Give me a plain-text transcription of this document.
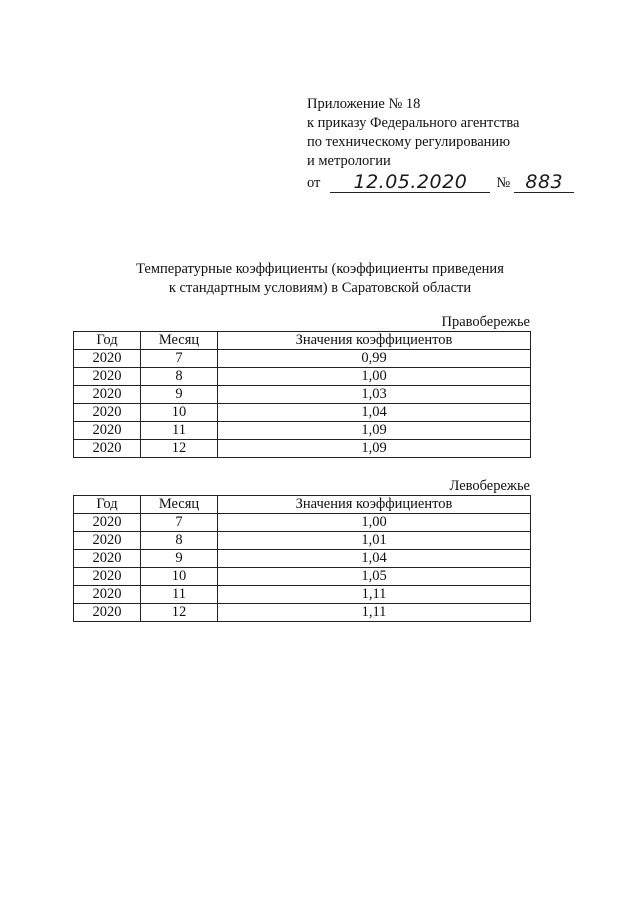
Приложение № 18
к приказу Федерального агентства
по техническому регулированию
и метрологии
от	12.05.2020	№ 883
Температурные коэффициенты (коэффициенты приведения
к стандартным условиям) в Саратовской области
Правобережье
Год	Месяц	Значения коэффициентов
2020	7	0,99
2020	8	1,00
2020	9	1,03
2020	10	1,04
2020	11	1,09
2020	12	1,09
Левобережье
Год	Месяц	Значения коэффициентов
2020	7	1,00
2020	8	1,01
2020	9	1,04
2020	10	1,05
2020	11	1,11
2020	12	1,11
